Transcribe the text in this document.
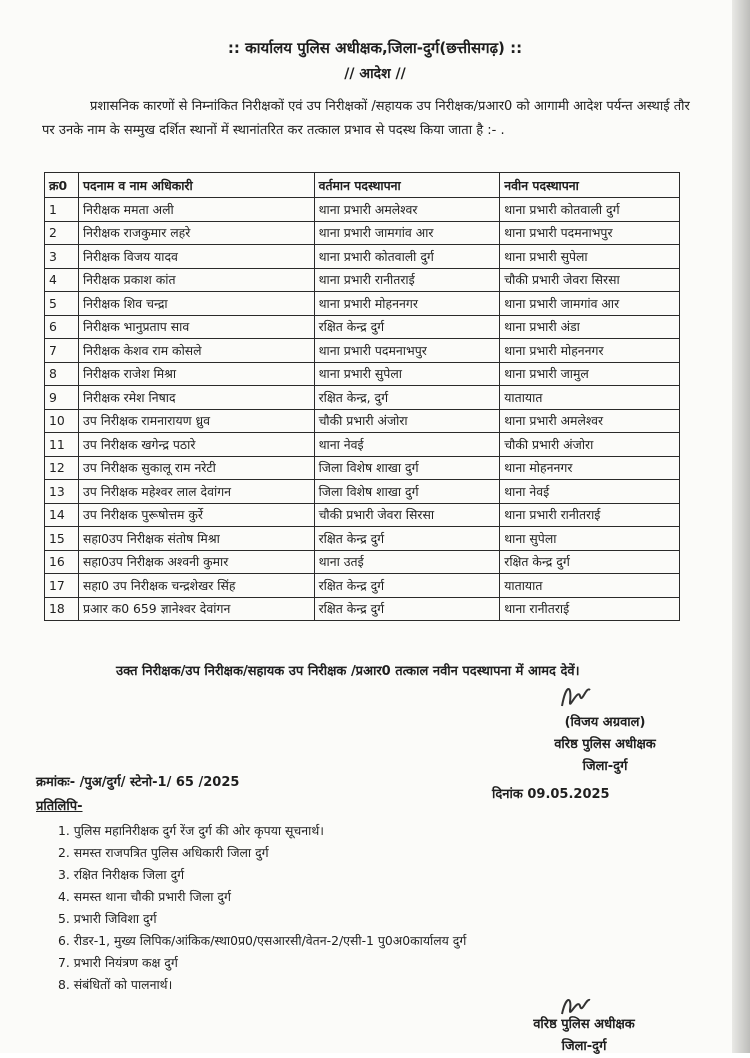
:: कार्यालय पुलिस अधीक्षक,जिला-दुर्ग(छत्तीसगढ़) ::
// आदेश //
प्रशासनिक कारणों से निम्नांकित निरीक्षकों एवं उप निरीक्षकों /सहायक उप निरीक्षक/प्रआर0 को आगामी आदेश पर्यन्त अस्थाई तौर पर उनके नाम के सम्मुख दर्शित स्थानों में स्थानांतरित कर तत्काल प्रभाव से पदस्थ किया जाता है :- .
क्र0	पदनाम व नाम अधिकारी	वर्तमान पदस्थापना	नवीन पदस्थापना
1	निरीक्षक ममता अली	थाना प्रभारी अमलेश्वर	थाना प्रभारी कोतवाली दुर्ग
2	निरीक्षक राजकुमार लहरे	थाना प्रभारी जामगांव आर	थाना प्रभारी पदमनाभपुर
3	निरीक्षक विजय यादव	थाना प्रभारी कोतवाली दुर्ग	थाना प्रभारी सुपेला
4	निरीक्षक प्रकाश कांत	थाना प्रभारी रानीतराई	चौकी प्रभारी जेवरा सिरसा
5	निरीक्षक शिव चन्द्रा	थाना प्रभारी मोहननगर	थाना प्रभारी जामगांव आर
6	निरीक्षक भानुप्रताप साव	रक्षित केन्द्र दुर्ग	थाना प्रभारी अंडा
7	निरीक्षक केशव राम कोसले	थाना प्रभारी पदमनाभपुर	थाना प्रभारी मोहननगर
8	निरीक्षक राजेश मिश्रा	थाना प्रभारी सुपेला	थाना प्रभारी जामुल
9	निरीक्षक रमेश निषाद	रक्षित केन्द्र, दुर्ग	यातायात
10	उप निरीक्षक रामनारायण ध्रुव	चौकी प्रभारी अंजोरा	थाना प्रभारी अमलेश्वर
11	उप निरीक्षक खगेन्द्र पठारे	थाना नेवई	चौकी प्रभारी अंजोरा
12	उप निरीक्षक सुकालू राम नरेटी	जिला विशेष शाखा दुर्ग	थाना मोहननगर
13	उप निरीक्षक महेश्वर लाल देवांगन	जिला विशेष शाखा दुर्ग	थाना नेवई
14	उप निरीक्षक पुरूषोत्तम कुर्रे	चौकी प्रभारी जेवरा सिरसा	थाना प्रभारी रानीतराई
15	सहा0उप निरीक्षक संतोष मिश्रा	रक्षित केन्द्र दुर्ग	थाना सुपेला
16	सहा0उप निरीक्षक अश्वनी कुमार	थाना उतई	रक्षित केन्द्र दुर्ग
17	सहा0 उप निरीक्षक चन्द्रशेखर सिंह	रक्षित केन्द्र दुर्ग	यातायात
18	प्रआर क0 659 ज्ञानेश्वर देवांगन	रक्षित केन्द्र दुर्ग	थाना रानीतराई
उक्त निरीक्षक/उप निरीक्षक/सहायक उप निरीक्षक /प्रआर0 तत्काल नवीन पदस्थापना में आमद देवें।
(विजय अग्रवाल)
वरिष्ठ पुलिस अधीक्षक
जिला-दुर्ग
क्रमांकः- /पुअ/दुर्ग/ स्टेनो-1/ 65 /2025
दिनांक 09.05.2025
प्रतिलिपि-
1. पुलिस महानिरीक्षक दुर्ग रेंज दुर्ग की ओर कृपया सूचनार्थ।
2. समस्त राजपत्रित पुलिस अधिकारी जिला दुर्ग
3. रक्षित निरीक्षक जिला दुर्ग
4. समस्त थाना चौकी प्रभारी जिला दुर्ग
5. प्रभारी जिविशा दुर्ग
6. रीडर-1, मुख्य लिपिक/आंकिक/स्था0प्र0/एसआरसी/वेतन-2/एसी-1 पु0अ0कार्यालय दुर्ग
7. प्रभारी नियंत्रण कक्ष दुर्ग
8. संबंधितों को पालनार्थ।
वरिष्ठ पुलिस अधीक्षक
जिला-दुर्ग
